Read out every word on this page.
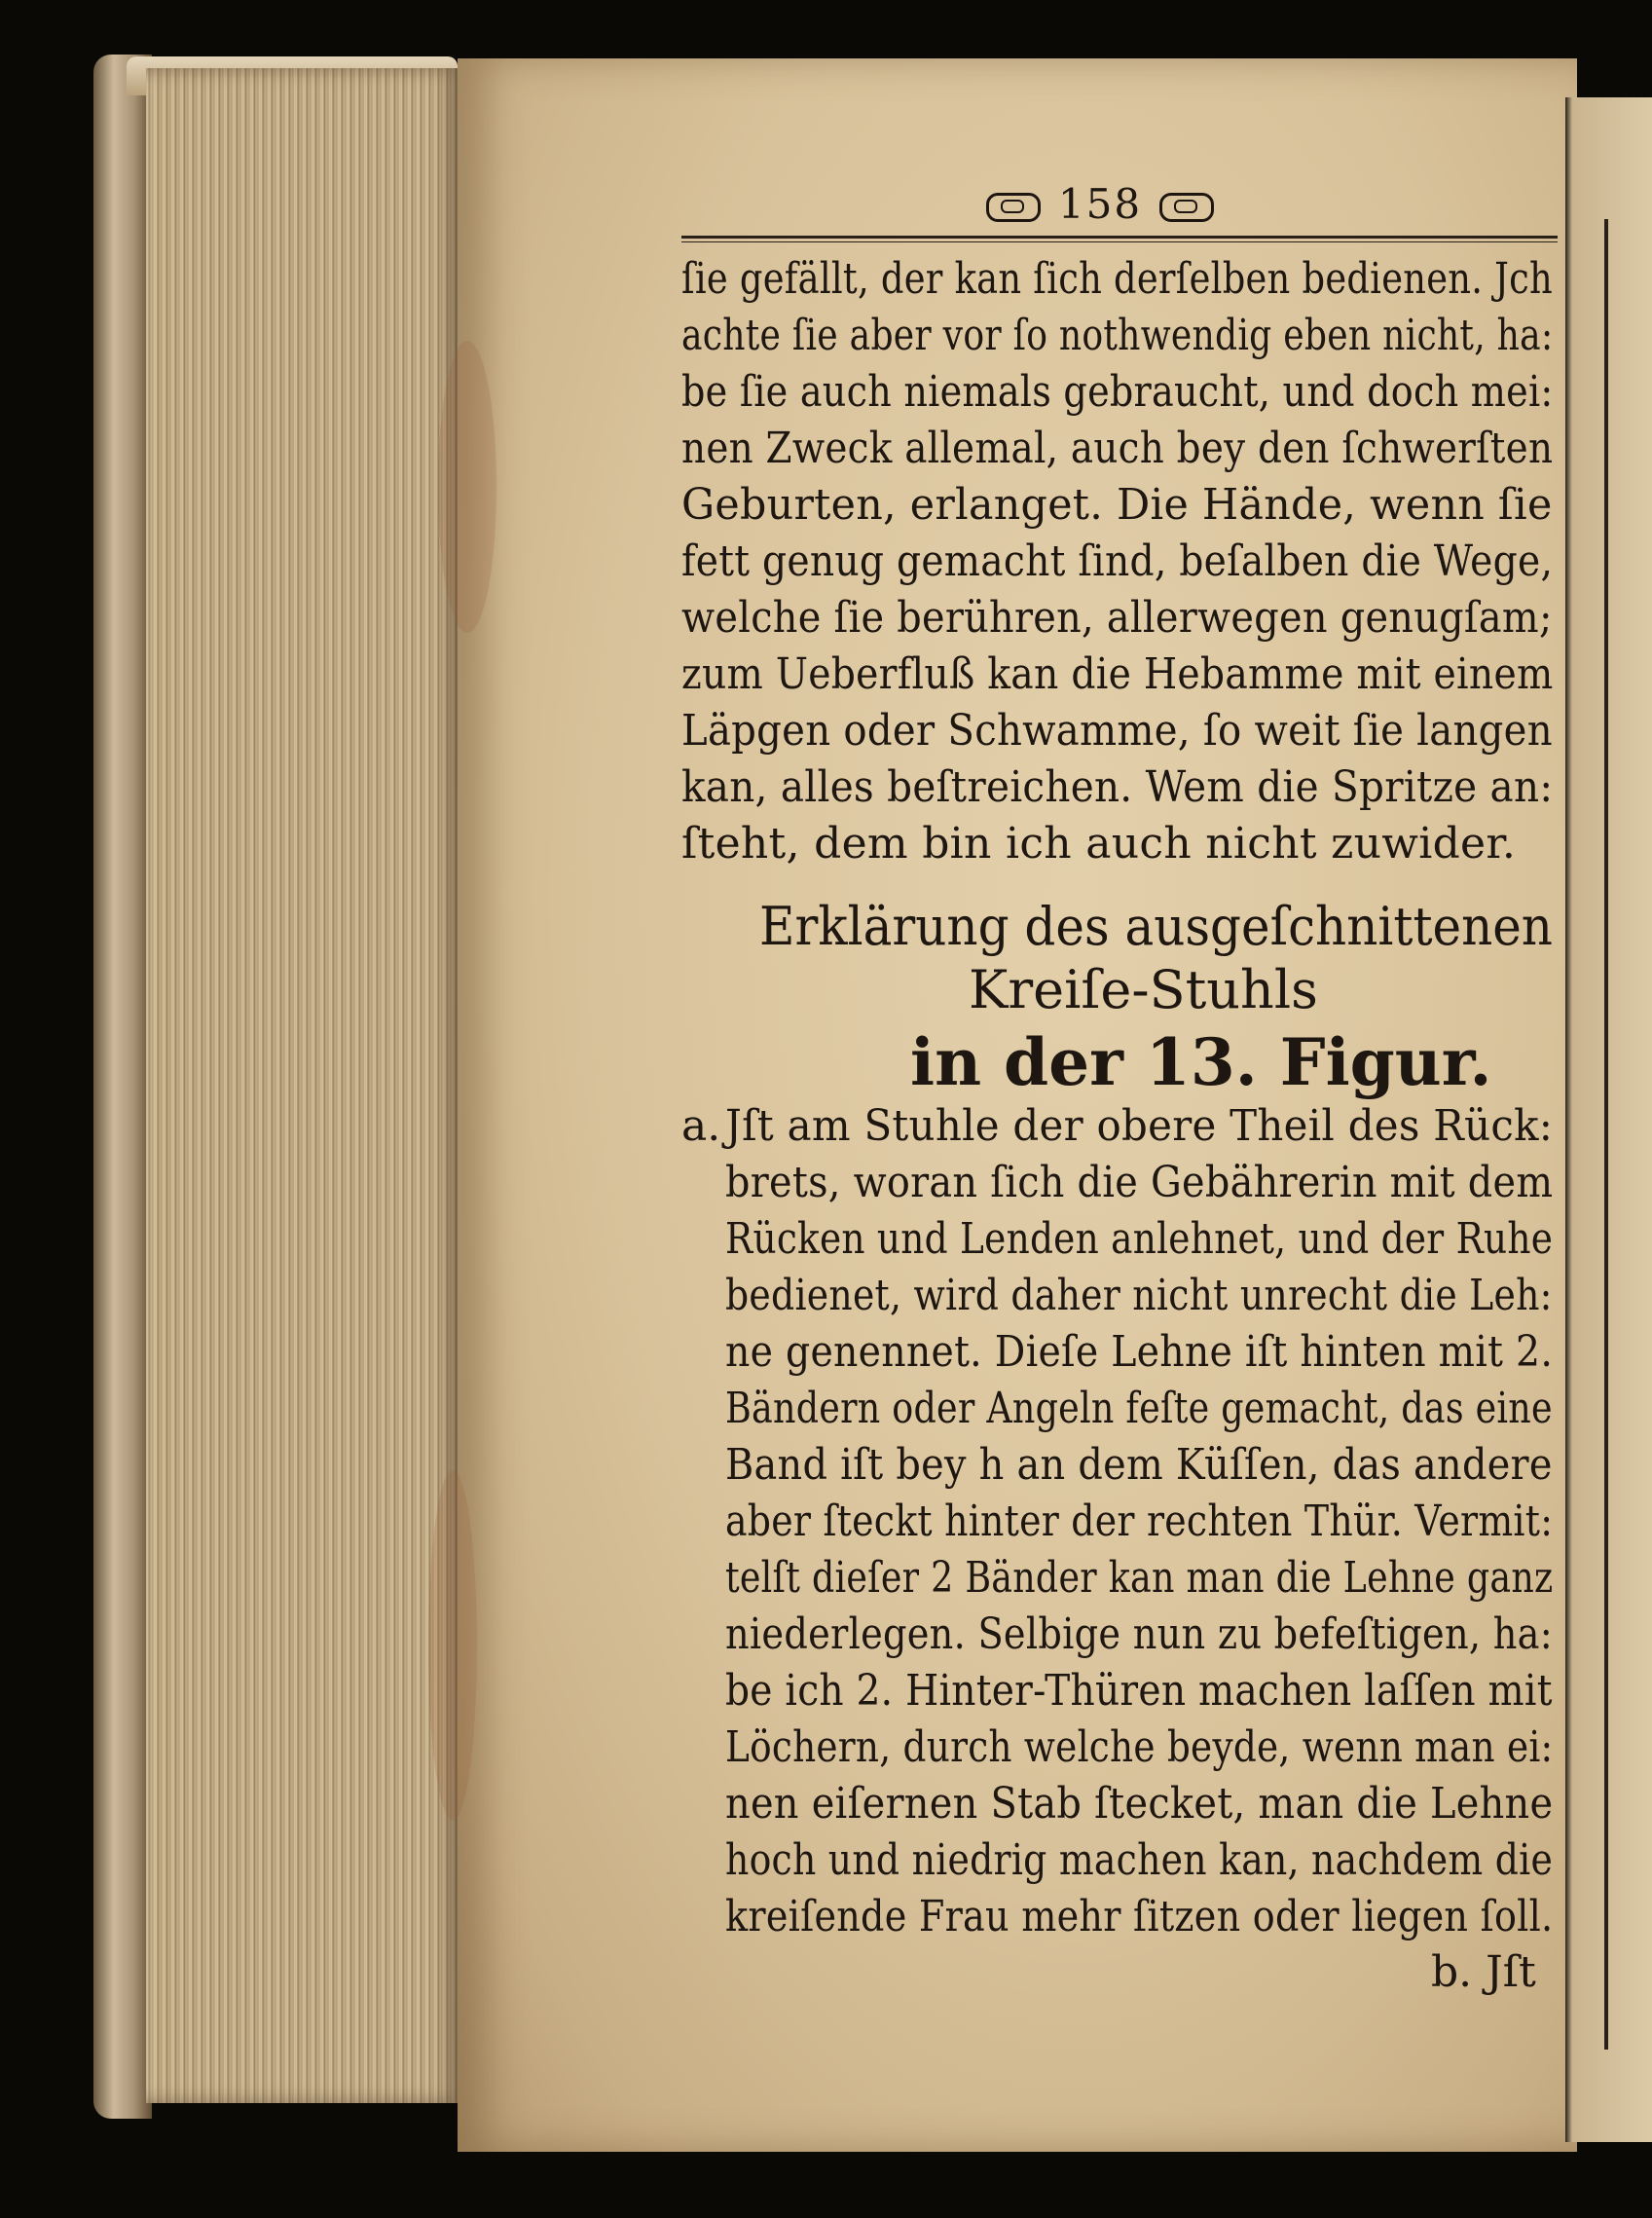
158
ſie gefällt, der kan ſich derſelben bedienen. Jch
achte ſie aber vor ſo nothwendig eben nicht, ha:
be ſie auch niemals gebraucht, und doch mei:
nen Zweck allemal, auch bey den ſchwerſten
Geburten, erlanget. Die Hände, wenn ſie
fett genug gemacht ſind, beſalben die Wege,
welche ſie berühren, allerwegen genugſam;
zum Ueberfluß kan die Hebamme mit einem
Läpgen oder Schwamme, ſo weit ſie langen
kan, alles beſtreichen. Wem die Spritze an:
ſteht, dem bin ich auch nicht zuwider.
Erklärung des ausgeſchnittenen
Kreiſe-Stuhls
in der 13. Figur.
a. Jſt am Stuhle der obere Theil des Rück:
brets, woran ſich die Gebährerin mit dem
Rücken und Lenden anlehnet, und der Ruhe
bedienet, wird daher nicht unrecht die Leh:
ne genennet. Dieſe Lehne iſt hinten mit 2.
Bändern oder Angeln feſte gemacht, das eine
Band iſt bey h an dem Küſſen, das andere
aber ſteckt hinter der rechten Thür. Vermit:
telſt dieſer 2 Bänder kan man die Lehne ganz
niederlegen. Selbige nun zu befeſtigen, ha:
be ich 2. Hinter-Thüren machen laſſen mit
Löchern, durch welche beyde, wenn man ei:
nen eiſernen Stab ſtecket, man die Lehne
hoch und niedrig machen kan, nachdem die
kreiſende Frau mehr ſitzen oder liegen ſoll.
b. Jſt
